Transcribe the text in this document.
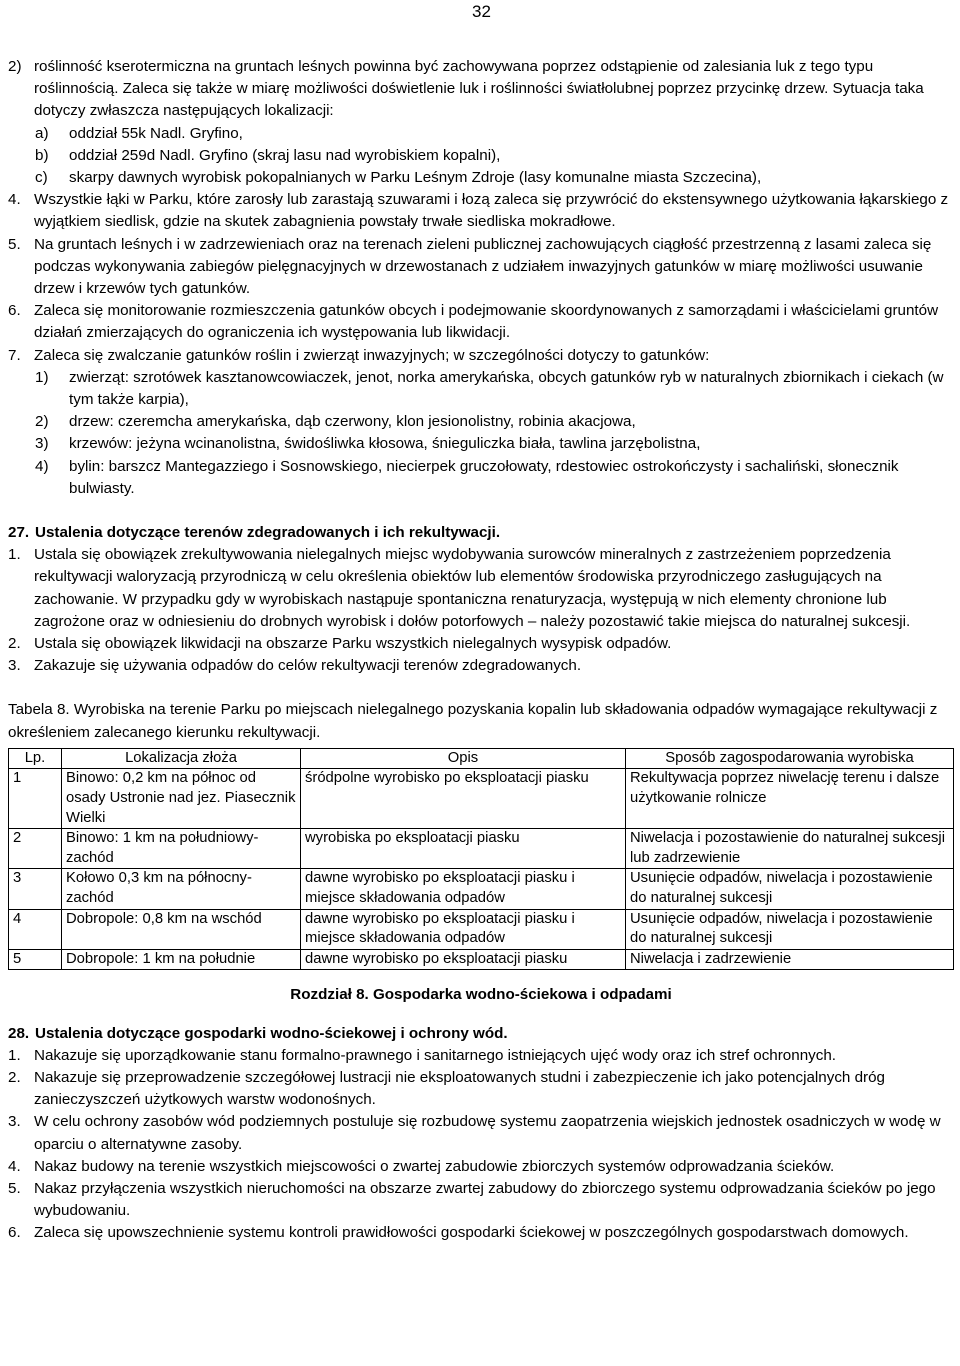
32
2) roślinność kserotermiczna na gruntach leśnych powinna być zachowywana poprzez odstąpienie od zalesiania luk z tego typu roślinnością. Zaleca się także w miarę możliwości doświetlenie luk i roślinności światłolubnej poprzez przycinkę drzew. Sytuacja taka dotyczy zwłaszcza następujących lokalizacji:
a) oddział 55k Nadl. Gryfino,
b) oddział 259d Nadl. Gryfino (skraj lasu nad wyrobiskiem kopalni),
c) skarpy dawnych wyrobisk pokopalnianych w Parku Leśnym Zdroje (lasy komunalne miasta Szczecina),
4. Wszystkie łąki w Parku, które zarosły lub zarastają szuwarami i łozą zaleca się przywrócić do ekstensywnego użytkowania łąkarskiego z wyjątkiem siedlisk, gdzie na skutek zabagnienia powstały trwałe siedliska mokradłowe.
5. Na gruntach leśnych i w zadrzewieniach oraz na terenach zieleni publicznej zachowujących ciągłość przestrzenną z lasami zaleca się podczas wykonywania zabiegów pielęgnacyjnych w drzewostanach z udziałem inwazyjnych gatunków w miarę możliwości usuwanie drzew i krzewów tych gatunków.
6. Zaleca się monitorowanie rozmieszczenia gatunków obcych i podejmowanie skoordynowanych z samorządami i właścicielami gruntów działań zmierzających do ograniczenia ich występowania lub likwidacji.
7. Zaleca się zwalczanie gatunków roślin i zwierząt inwazyjnych; w szczególności dotyczy to gatunków:
1) zwierząt: szrotówek kasztanowcowiaczek, jenot, norka amerykańska, obcych gatunków ryb w naturalnych zbiornikach i ciekach (w tym także karpia),
2) drzew: czeremcha amerykańska, dąb czerwony, klon jesionolistny, robinia akacjowa,
3) krzewów: jeżyna wcinanolistna, świdośliwka kłosowa, śnieguliczka biała, tawlina jarzębolistna,
4) bylin: barszcz Mantegazziego i Sosnowskiego, niecierpek gruczołowaty, rdestowiec ostrokończysty i sachaliński, słonecznik bulwiasty.
27. Ustalenia dotyczące terenów zdegradowanych i ich rekultywacji.
1. Ustala się obowiązek zrekultywowania nielegalnych miejsc wydobywania surowców mineralnych z zastrzeżeniem poprzedzenia rekultywacji waloryzacją przyrodniczą w celu określenia obiektów lub elementów środowiska przyrodniczego zasługujących na zachowanie. W przypadku gdy w wyrobiskach nastąpuje spontaniczna renaturyzacja, występują w nich elementy chronione lub zagrożone oraz w odniesieniu do drobnych wyrobisk i dołów potorfowych – należy pozostawić takie miejsca do naturalnej sukcesji.
2. Ustala się obowiązek likwidacji na obszarze Parku wszystkich nielegalnych wysypisk odpadów.
3. Zakazuje się używania odpadów do celów rekultywacji terenów zdegradowanych.
Tabela 8. Wyrobiska na terenie Parku po miejscach nielegalnego pozyskania kopalin lub składowania odpadów wymagające rekultywacji z określeniem zalecanego kierunku rekultywacji.
Lp.	Lokalizacja złoża	Opis	Sposób zagospodarowania wyrobiska
1	Binowo: 0,2 km na północ od osady Ustronie nad jez. Piasecznik Wielki	śródpolne wyrobisko po eksploatacji piasku	Rekultywacja poprzez niwelację terenu i dalsze użytkowanie rolnicze
2	Binowo: 1 km na południowy-zachód	wyrobiska po eksploatacji piasku	Niwelacja i pozostawienie do naturalnej sukcesji lub zadrzewienie
3	Kołowo 0,3 km na północny-zachód	dawne wyrobisko po eksploatacji piasku i miejsce składowania odpadów	Usunięcie odpadów, niwelacja i pozostawienie do naturalnej sukcesji
4	Dobropole: 0,8 km na wschód	dawne wyrobisko po eksploatacji piasku i miejsce składowania odpadów	Usunięcie odpadów, niwelacja i pozostawienie do naturalnej sukcesji
5	Dobropole: 1 km na południe	dawne wyrobisko po eksploatacji piasku	Niwelacja i zadrzewienie
Rozdział 8. Gospodarka wodno-ściekowa i odpadami
28. Ustalenia dotyczące gospodarki wodno-ściekowej i ochrony wód.
1. Nakazuje się uporządkowanie stanu formalno-prawnego i sanitarnego istniejących ujęć wody oraz ich stref ochronnych.
2. Nakazuje się przeprowadzenie szczegółowej lustracji nie eksploatowanych studni i zabezpieczenie ich jako potencjalnych dróg zanieczyszczeń użytkowych warstw wodonośnych.
3. W celu ochrony zasobów wód podziemnych postuluje się rozbudowę systemu zaopatrzenia wiejskich jednostek osadniczych w wodę w oparciu o alternatywne zasoby.
4. Nakaz budowy na terenie wszystkich miejscowości o zwartej zabudowie zbiorczych systemów odprowadzania ścieków.
5. Nakaz przyłączenia wszystkich nieruchomości na obszarze zwartej zabudowy do zbiorczego systemu odprowadzania ścieków po jego wybudowaniu.
6. Zaleca się upowszechnienie systemu kontroli prawidłowości gospodarki ściekowej w poszczególnych gospodarstwach domowych.
